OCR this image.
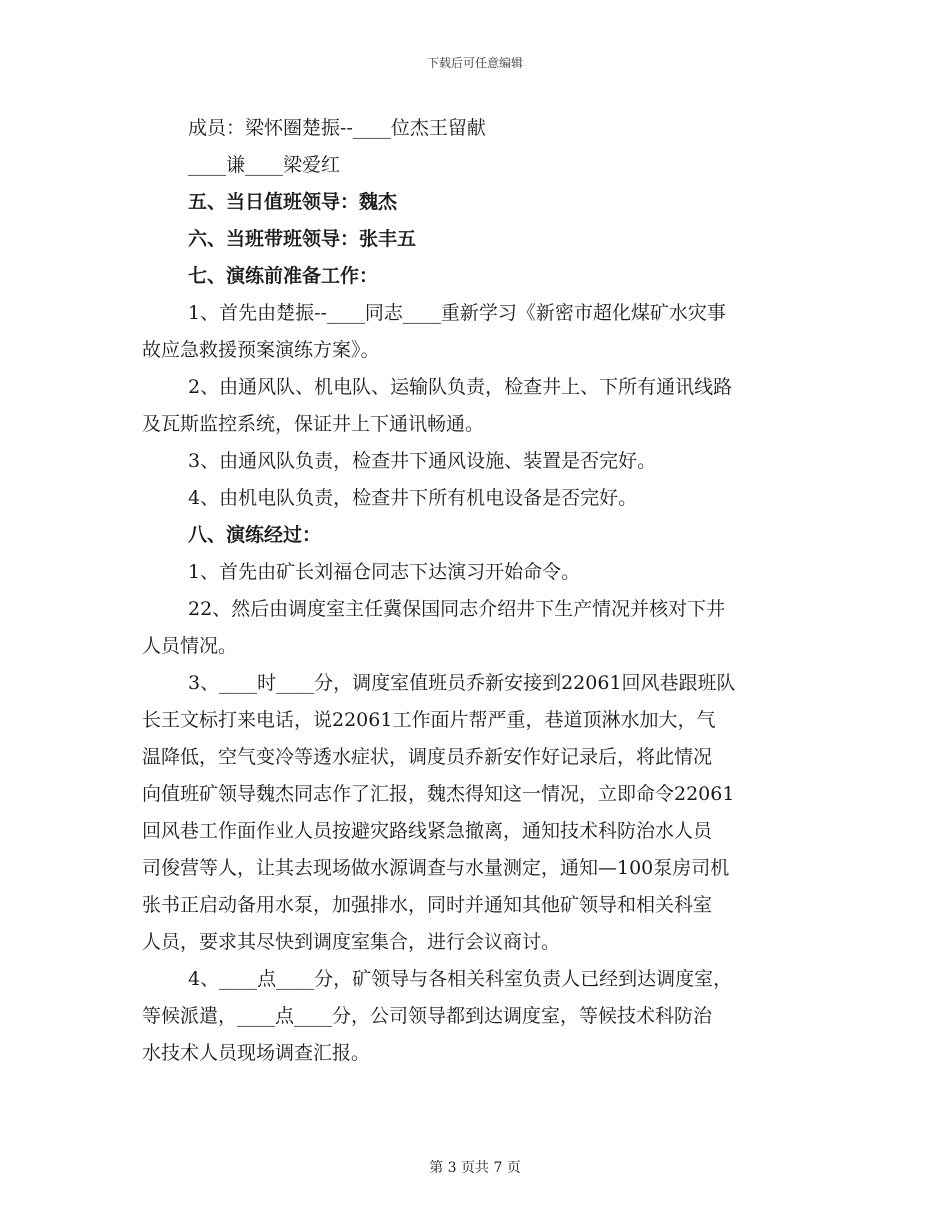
下载后可任意编辑
成员：梁怀圈楚振--____位杰王留献
____谦____梁爱红
五、当日值班领导：魏杰
六、当班带班领导：张丰五
七、演练前准备工作：
1、首先由楚振--____同志____重新学习《新密市超化煤矿水灾事
故应急救援预案演练方案》。
2、由通风队、机电队、运输队负责，检查井上、下所有通讯线路
及瓦斯监控系统，保证井上下通讯畅通。
3、由通风队负责，检查井下通风设施、装置是否完好。
4、由机电队负责，检查井下所有机电设备是否完好。
八、演练经过：
1、首先由矿长刘福仓同志下达演习开始命令。
22、然后由调度室主任冀保国同志介绍井下生产情况并核对下井
人员情况。
3、____时____分，调度室值班员乔新安接到22061回风巷跟班队
长王文标打来电话，说22061工作面片帮严重，巷道顶淋水加大，气
温降低，空气变冷等透水症状，调度员乔新安作好记录后，将此情况
向值班矿领导魏杰同志作了汇报，魏杰得知这一情况，立即命令22061
回风巷工作面作业人员按避灾路线紧急撤离，通知技术科防治水人员
司俊营等人，让其去现场做水源调查与水量测定，通知—100泵房司机
张书正启动备用水泵，加强排水，同时并通知其他矿领导和相关科室
人员，要求其尽快到调度室集合，进行会议商讨。
4、____点____分，矿领导与各相关科室负责人已经到达调度室，
等候派遣，____点____分，公司领导都到达调度室，等候技术科防治
水技术人员现场调查汇报。
第 3 页共 7 页
